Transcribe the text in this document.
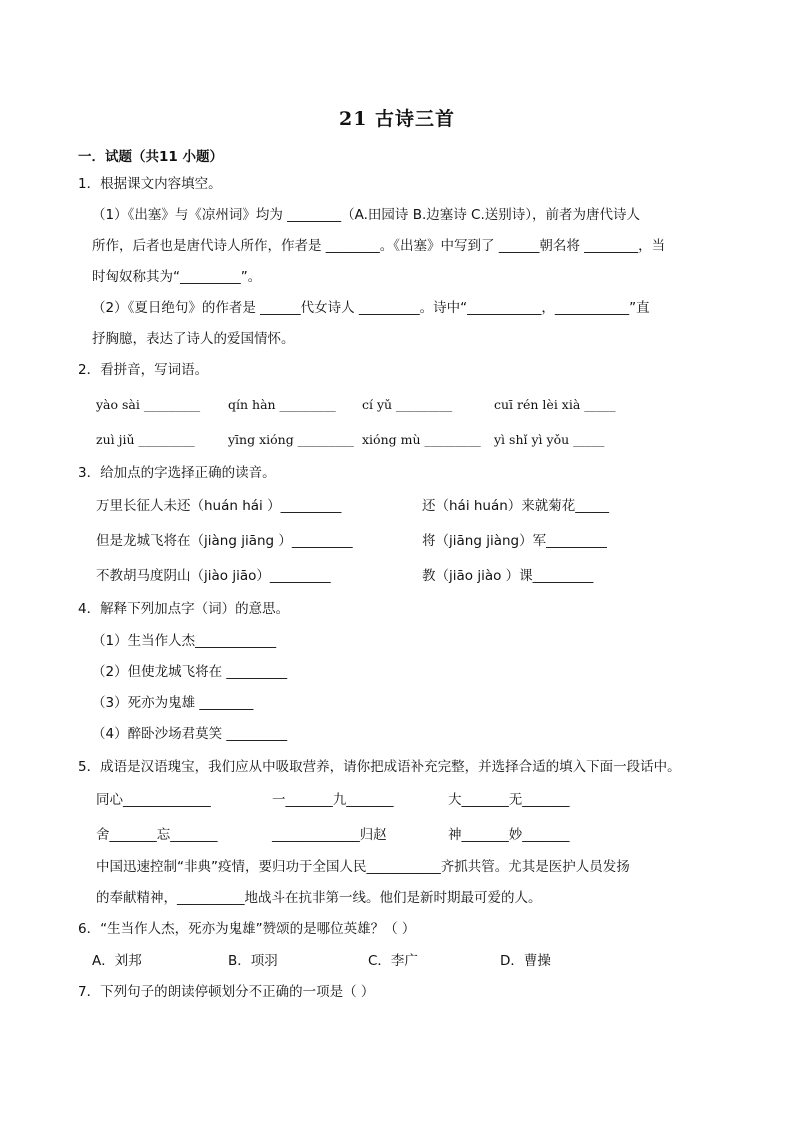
21 古诗三首
一．试题（共11 小题）
1．根据课文内容填空。
（1）《出塞》与《凉州词》均为 ________（A.田园诗 B.边塞诗 C.送别诗），前者为唐代诗人
所作，后者也是唐代诗人所作，作者是 ________。《出塞》中写到了 ______朝名将 ________，当
时匈奴称其为“_________”。
（2）《夏日绝句》的作者是 ______代女诗人 _________。诗中“___________，___________”直
抒胸臆，表达了诗人的爱国情怀。
2．看拼音，写词语。
yào sài _________ qín hàn _________ cí yǔ _________	cuī rén lèi xià _____
zuì jiǔ _________	yīng xióng _________ xióng mù _________ yì shǐ yì yǒu _____
3．给加点的字选择正确的读音。
万里长征人未还（huán hái ）_________	还（hái huán）来就菊花_____
但是龙城飞将在（jiàng jiāng ）_________	将（jiāng jiàng）军_________
不教胡马度阴山（jiào jiāo）_________	教（jiāo jiào ）课_________
4．解释下列加点字（词）的意思。
（1）生当作人杰____________
（2）但使龙城飞将在 _________
（3）死亦为鬼雄 ________
（4）醉卧沙场君莫笑 _________
5．成语是汉语瑰宝，我们应从中吸取营养，请你把成语补充完整，并选择合适的填入下面一段话中。
同心_____________	一_______九_______	大_______无_______
舍_______忘_______	_____________归赵	神_______妙_______
中国迅速控制“非典”疫情，要归功于全国人民___________齐抓共管。尤其是医护人员发扬
的奉献精神，__________地战斗在抗非第一线。他们是新时期最可爱的人。
6．“生当作人杰，死亦为鬼雄”赞颂的是哪位英雄？（ ）
A．刘邦	B．项羽	C．李广	D．曹操
7．下列句子的朗读停顿划分不正确的一项是（ ）
